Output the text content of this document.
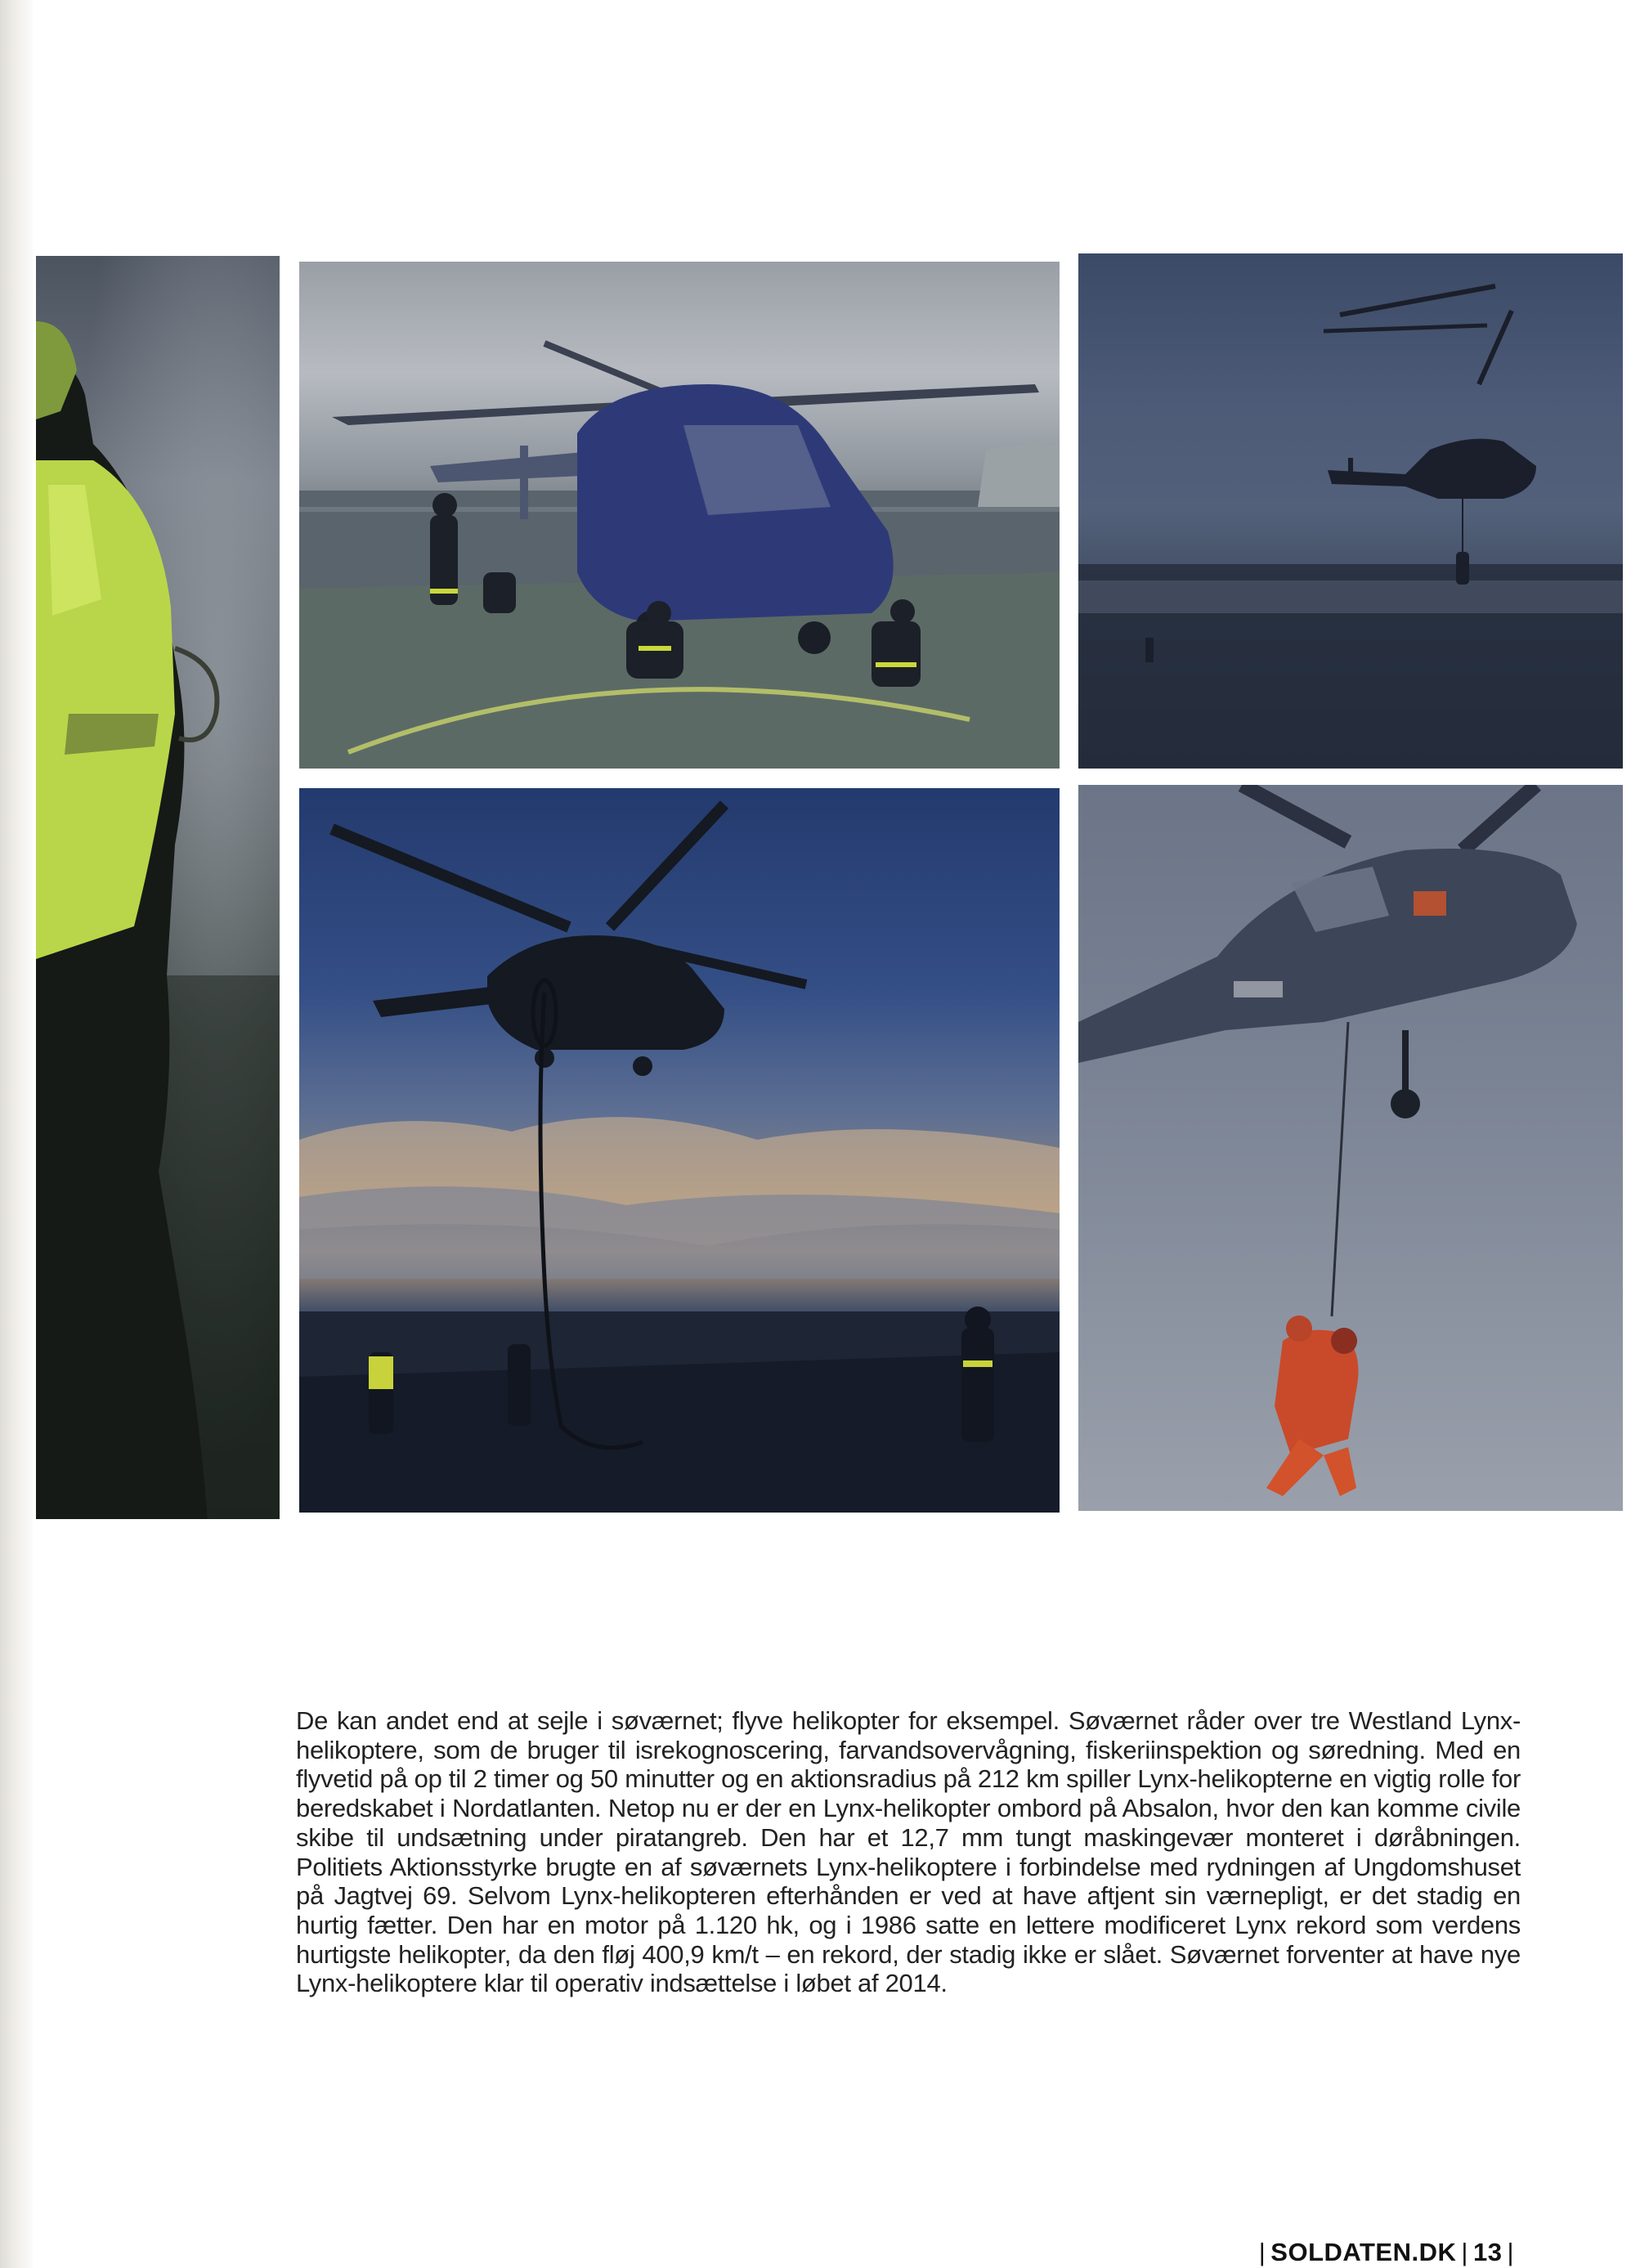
De kan andet end at sejle i søværnet; flyve helikopter for eksempel. Søværnet råder over tre Westland Lynx-helikoptere, som de bruger til isrekognoscering, farvandsovervågning, fiskeriinspektion og søredning. Med en flyvetid på op til 2 timer og 50 minutter og en aktionsradius på 212 km spiller Lynx-helikopterne en vigtig rolle for beredskabet i Nordatlanten. Netop nu er der en Lynx-helikopter ombord på Absalon, hvor den kan komme civile skibe til undsætning under piratangreb. Den har et 12,7 mm tungt maskingevær monteret i døråbningen. Politiets Aktionsstyrke brugte en af søværnets Lynx-helikoptere i forbindelse med rydningen af Ungdomshuset på Jagtvej 69. Selvom Lynx-helikopteren efterhånden er ved at have aftjent sin værnepligt, er det stadig en hurtig fætter. Den har en motor på 1.120 hk, og i 1986 satte en lettere modificeret Lynx rekord som verdens hurtigste helikopter, da den fløj 400,9 km/t – en rekord, der stadig ikke er slået. Søværnet forventer at have nye Lynx-helikoptere klar til operativ indsættelse i løbet af 2014.

| SOLDATEN.DK | 13 |
